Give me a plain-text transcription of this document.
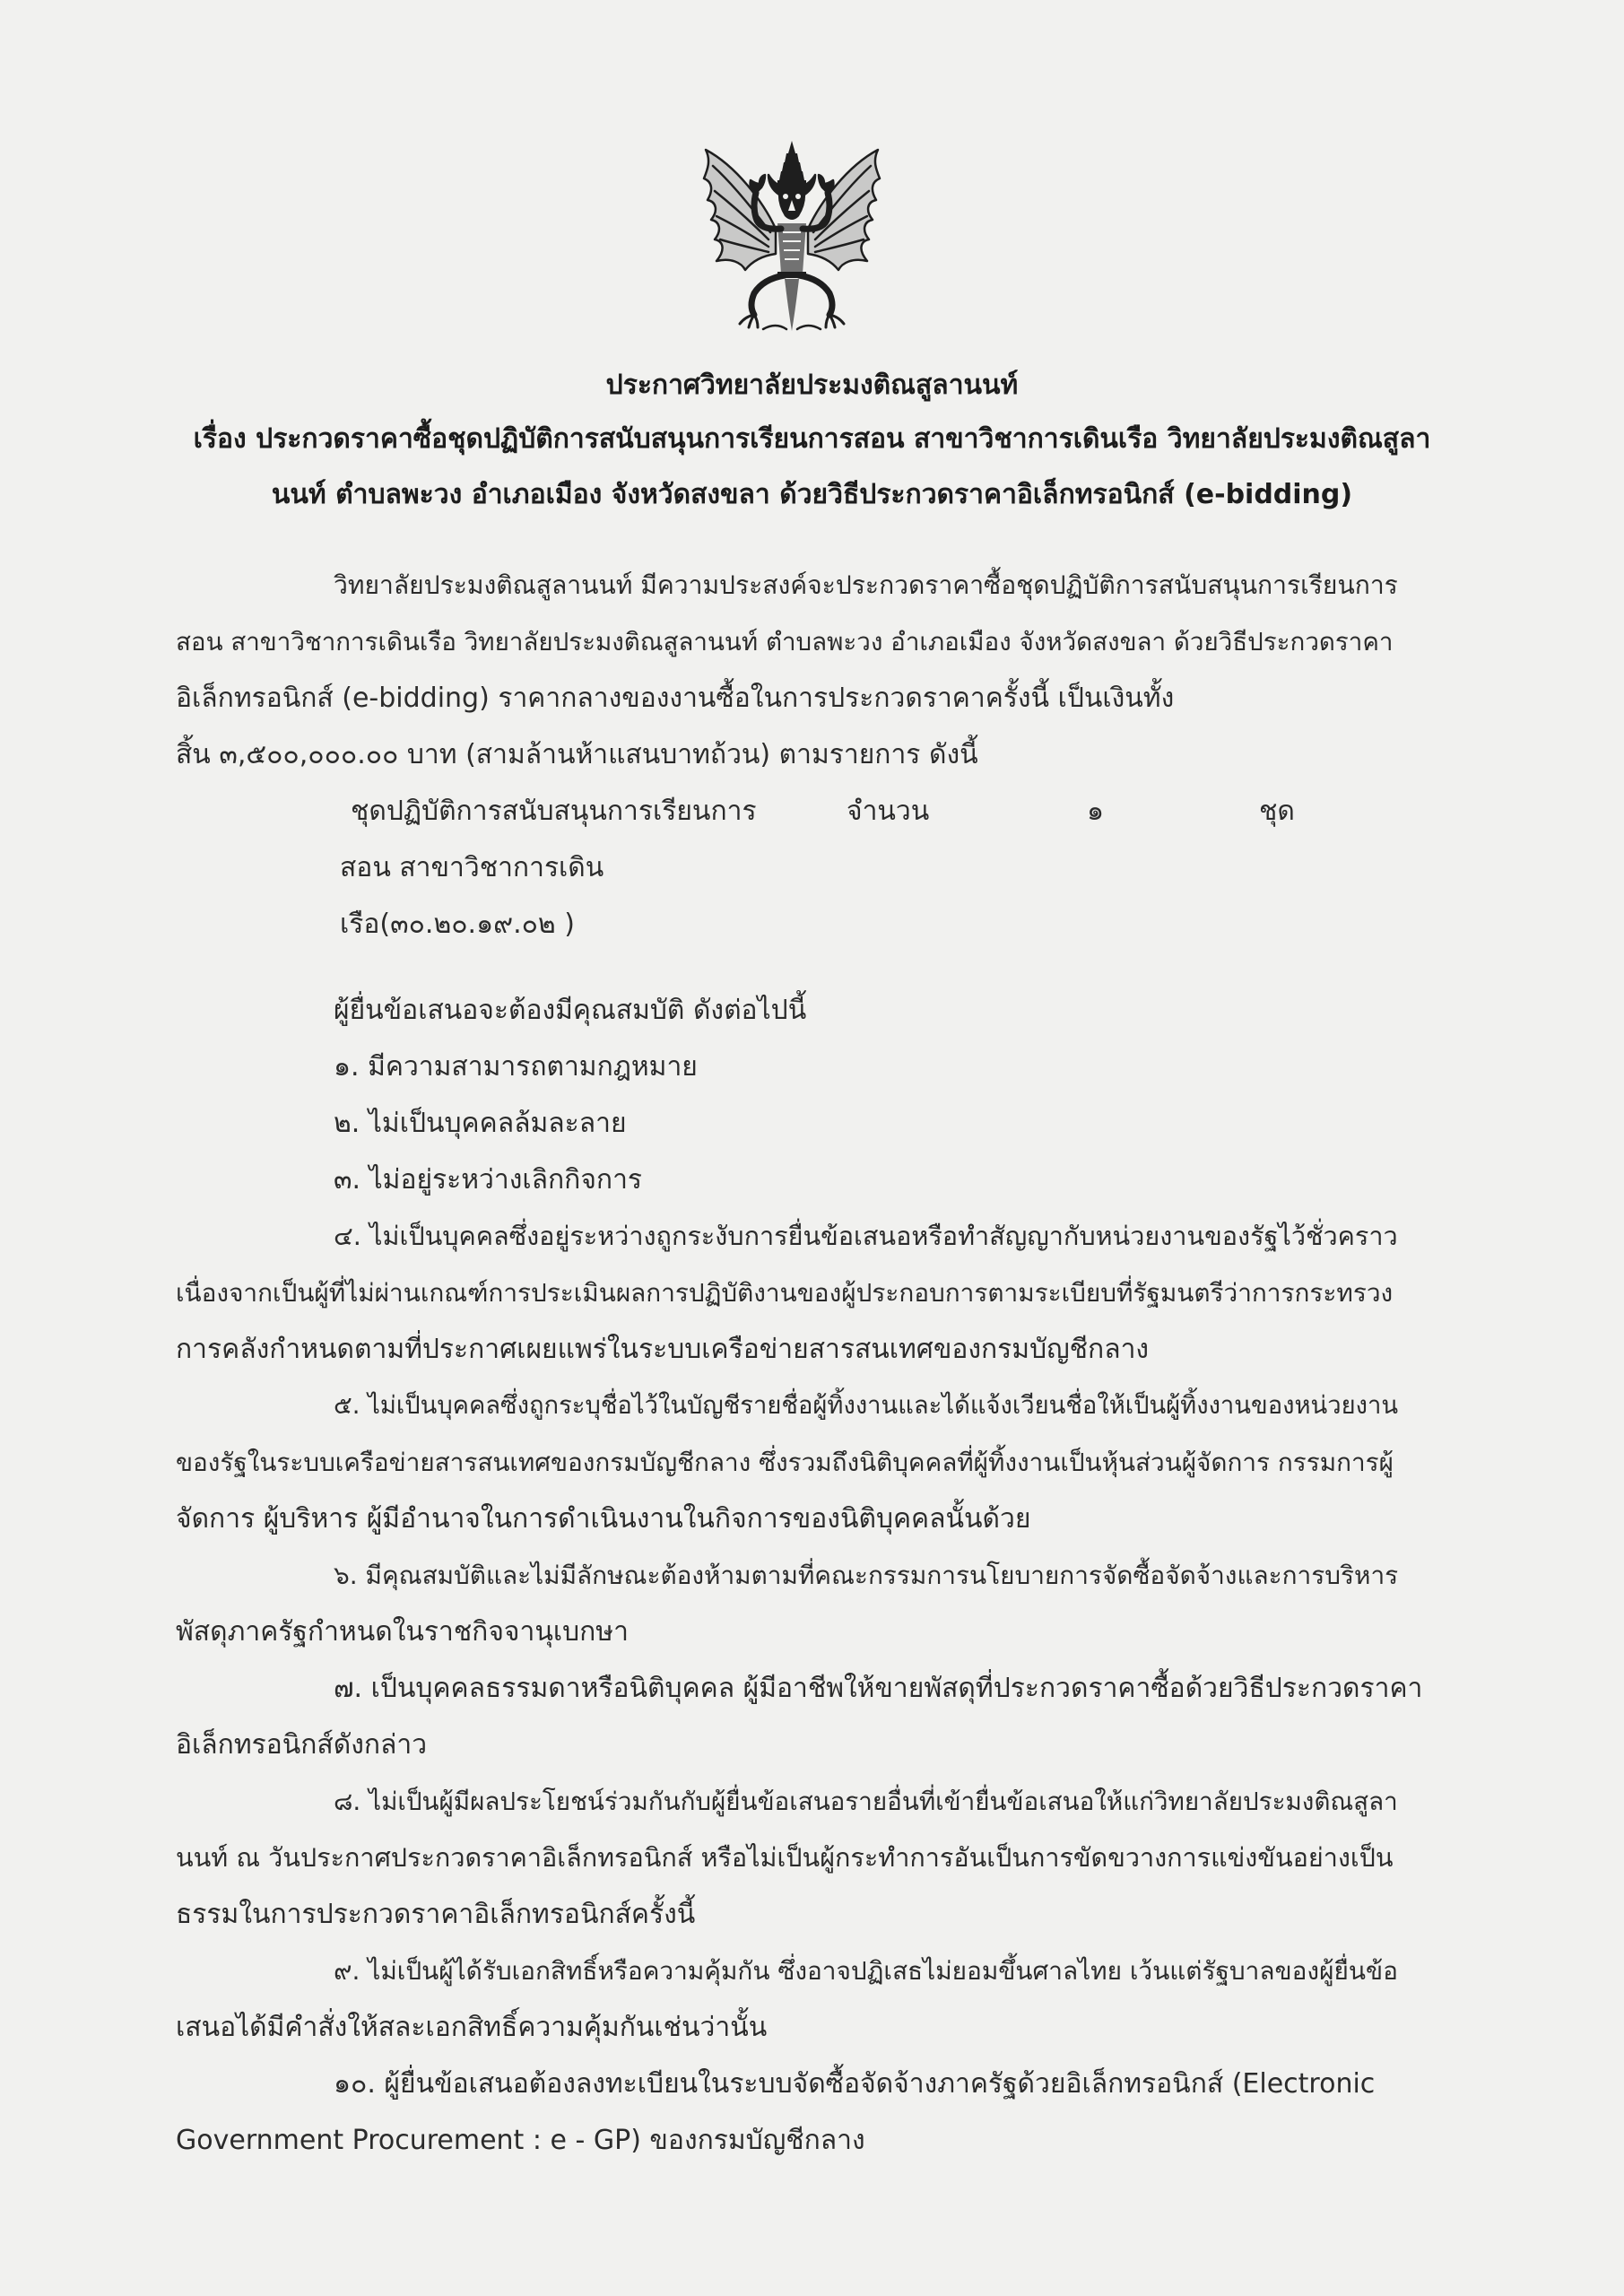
ประกาศวิทยาลัยประมงติณสูลานนท์
เรื่อง ประกวดราคาซื้อชุดปฏิบัติการสนับสนุนการเรียนการสอน สาขาวิชาการเดินเรือ วิทยาลัยประมงติณสูลา
นนท์ ตำบลพะวง อำเภอเมือง จังหวัดสงขลา ด้วยวิธีประกวดราคาอิเล็กทรอนิกส์ (e-bidding)
วิทยาลัยประมงติณสูลานนท์ มีความประสงค์จะประกวดราคาซื้อชุดปฏิบัติการสนับสนุนการเรียนการ
สอน สาขาวิชาการเดินเรือ วิทยาลัยประมงติณสูลานนท์ ตำบลพะวง อำเภอเมือง จังหวัดสงขลา ด้วยวิธีประกวดราคา
อิเล็กทรอนิกส์ (e-bidding) ราคากลางของงานซื้อในการประกวดราคาครั้งนี้ เป็นเงินทั้ง
สิ้น ๓,๕๐๐,๐๐๐.๐๐ บาท (สามล้านห้าแสนบาทถ้วน) ตามรายการ ดังนี้
ชุดปฏิบัติการสนับสนุนการเรียนการ
สอน สาขาวิชาการเดิน
เรือ(๓๐.๒๐.๑๙.๐๒ )
จำนวน	๑	ชุด
ผู้ยื่นข้อเสนอจะต้องมีคุณสมบัติ ดังต่อไปนี้
๑. มีความสามารถตามกฎหมาย
๒. ไม่เป็นบุคคลล้มละลาย
๓. ไม่อยู่ระหว่างเลิกกิจการ
๔. ไม่เป็นบุคคลซึ่งอยู่ระหว่างถูกระงับการยื่นข้อเสนอหรือทำสัญญากับหน่วยงานของรัฐไว้ชั่วคราว
เนื่องจากเป็นผู้ที่ไม่ผ่านเกณฑ์การประเมินผลการปฏิบัติงานของผู้ประกอบการตามระเบียบที่รัฐมนตรีว่าการกระทรวง
การคลังกำหนดตามที่ประกาศเผยแพร่ในระบบเครือข่ายสารสนเทศของกรมบัญชีกลาง
๕. ไม่เป็นบุคคลซึ่งถูกระบุชื่อไว้ในบัญชีรายชื่อผู้ทิ้งงานและได้แจ้งเวียนชื่อให้เป็นผู้ทิ้งงานของหน่วยงาน
ของรัฐในระบบเครือข่ายสารสนเทศของกรมบัญชีกลาง ซึ่งรวมถึงนิติบุคคลที่ผู้ทิ้งงานเป็นหุ้นส่วนผู้จัดการ กรรมการผู้
จัดการ ผู้บริหาร ผู้มีอำนาจในการดำเนินงานในกิจการของนิติบุคคลนั้นด้วย
๖. มีคุณสมบัติและไม่มีลักษณะต้องห้ามตามที่คณะกรรมการนโยบายการจัดซื้อจัดจ้างและการบริหาร
พัสดุภาครัฐกำหนดในราชกิจจานุเบกษา
๗. เป็นบุคคลธรรมดาหรือนิติบุคคล ผู้มีอาชีพให้ขายพัสดุที่ประกวดราคาซื้อด้วยวิธีประกวดราคา
อิเล็กทรอนิกส์ดังกล่าว
๘. ไม่เป็นผู้มีผลประโยชน์ร่วมกันกับผู้ยื่นข้อเสนอรายอื่นที่เข้ายื่นข้อเสนอให้แก่วิทยาลัยประมงติณสูลา
นนท์ ณ วันประกาศประกวดราคาอิเล็กทรอนิกส์ หรือไม่เป็นผู้กระทำการอันเป็นการขัดขวางการแข่งขันอย่างเป็น
ธรรมในการประกวดราคาอิเล็กทรอนิกส์ครั้งนี้
๙. ไม่เป็นผู้ได้รับเอกสิทธิ์หรือความคุ้มกัน ซึ่งอาจปฏิเสธไม่ยอมขึ้นศาลไทย เว้นแต่รัฐบาลของผู้ยื่นข้อ
เสนอได้มีคำสั่งให้สละเอกสิทธิ์ความคุ้มกันเช่นว่านั้น
๑๐. ผู้ยื่นข้อเสนอต้องลงทะเบียนในระบบจัดซื้อจัดจ้างภาครัฐด้วยอิเล็กทรอนิกส์ (Electronic
Government Procurement : e - GP) ของกรมบัญชีกลาง
